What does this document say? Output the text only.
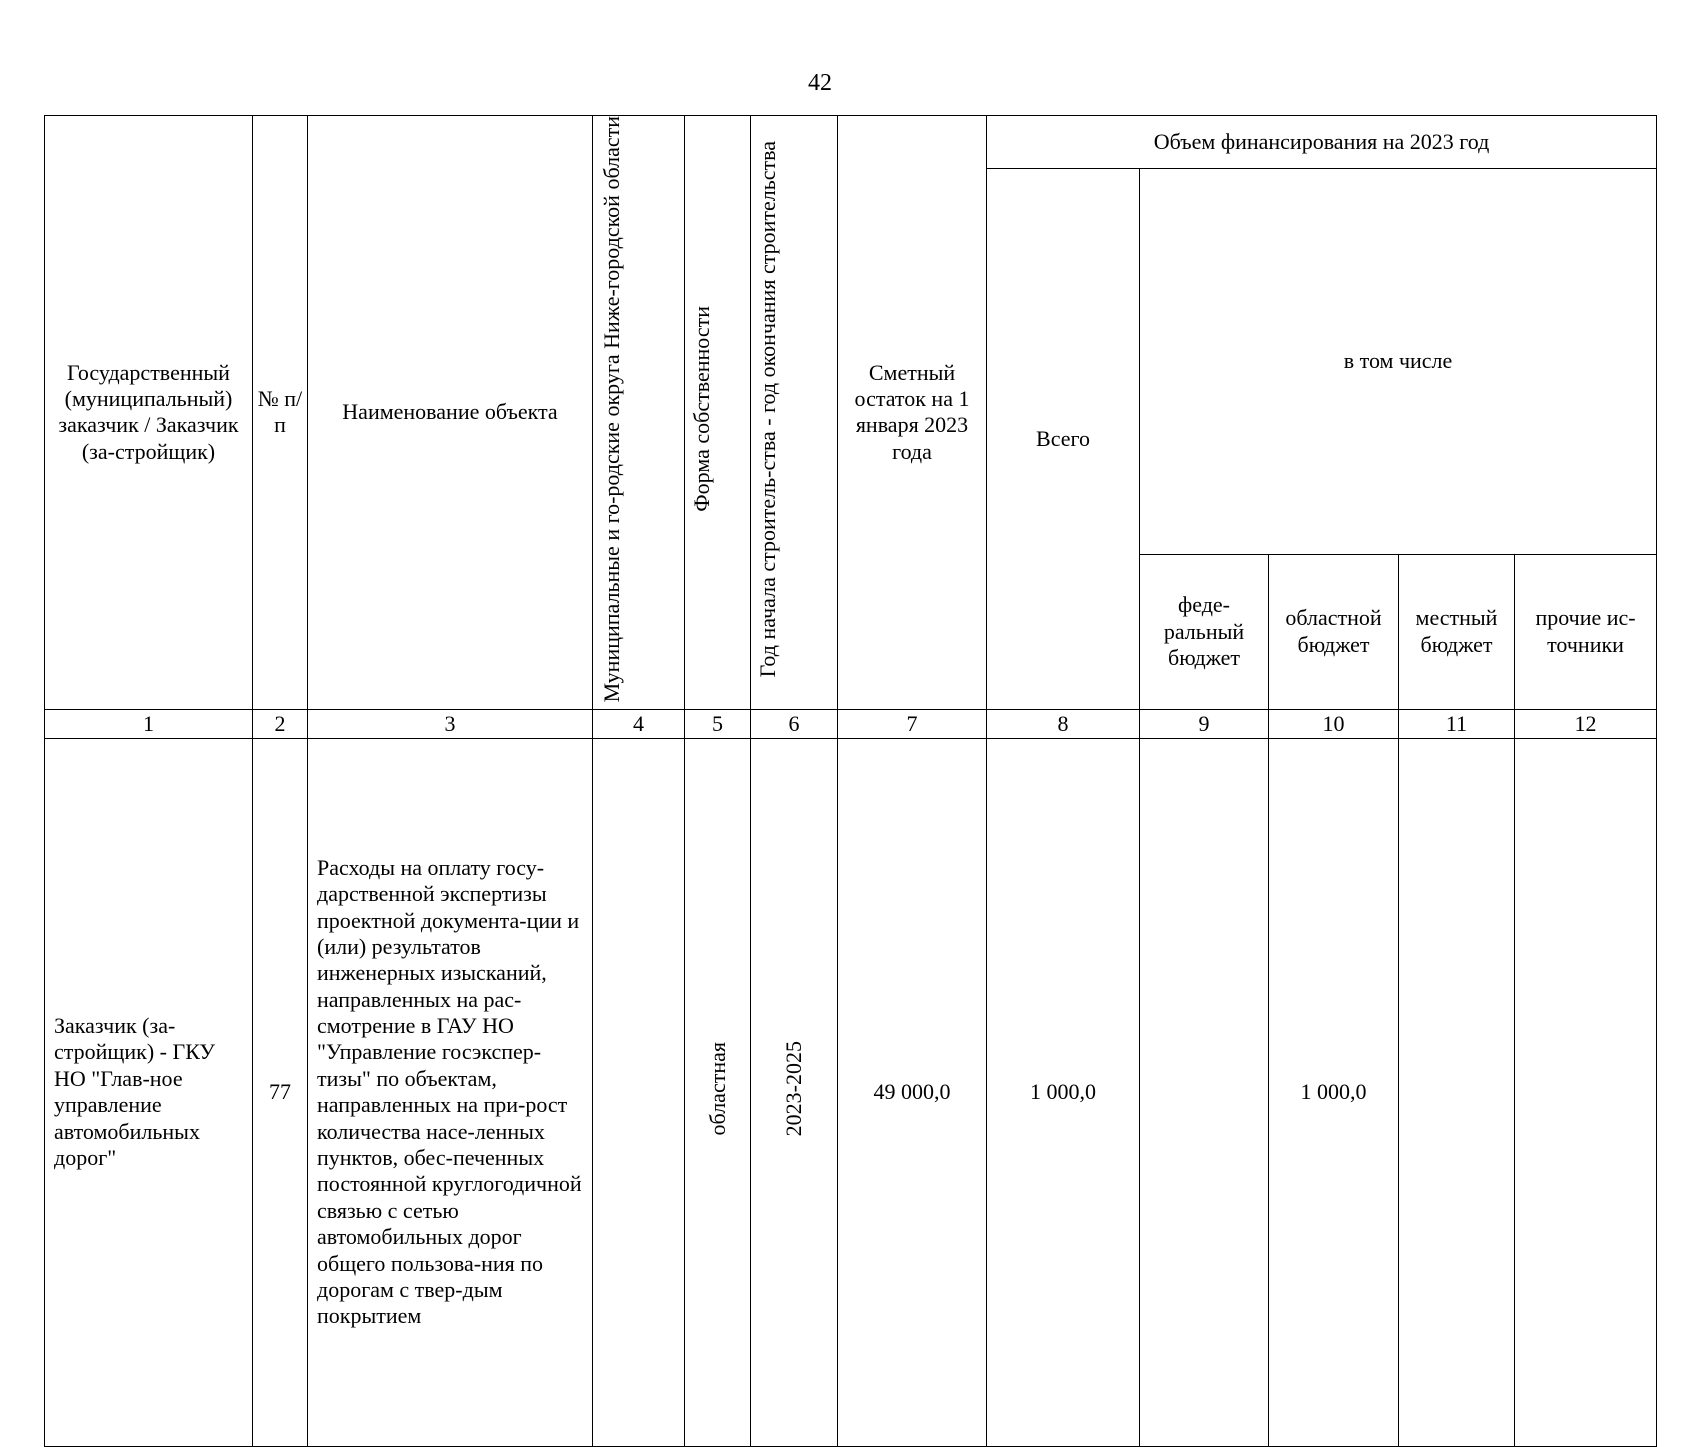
42
Государственный (муниципальный) заказчик / Заказчик (за-стройщик)	№ п/п	Наименование объекта	Муниципальные и го-родские округа Ниже-городской области	Форма собственности	Год начала строитель-ства - год окончания строительства	Сметный остаток на 1 января 2023 года	Объем финансирования на 2023 год				
							Всего	в том числе			
								феде-ральный бюджет	областной бюджет	местный бюджет	прочие ис-точники
1	2	3	4	5	6	7	8	9	10	11	12
Заказчик (за-стройщик) - ГКУ НО "Глав-ное управление автомобильных дорог"	77	Расходы на оплату госу-дарственной экспертизы проектной документа-ции и (или) результатов инженерных изысканий, направленных на рас-смотрение в ГАУ НО "Управление госэкспер-тизы" по объектам, направленных на при-рост количества насе-ленных пунктов, обес-печенных постоянной круглогодичной связью с сетью автомобильных дорог общего пользова-ния по дорогам с твер-дым покрытием		областная	2023-2025	49 000,0	1 000,0		1 000,0		
